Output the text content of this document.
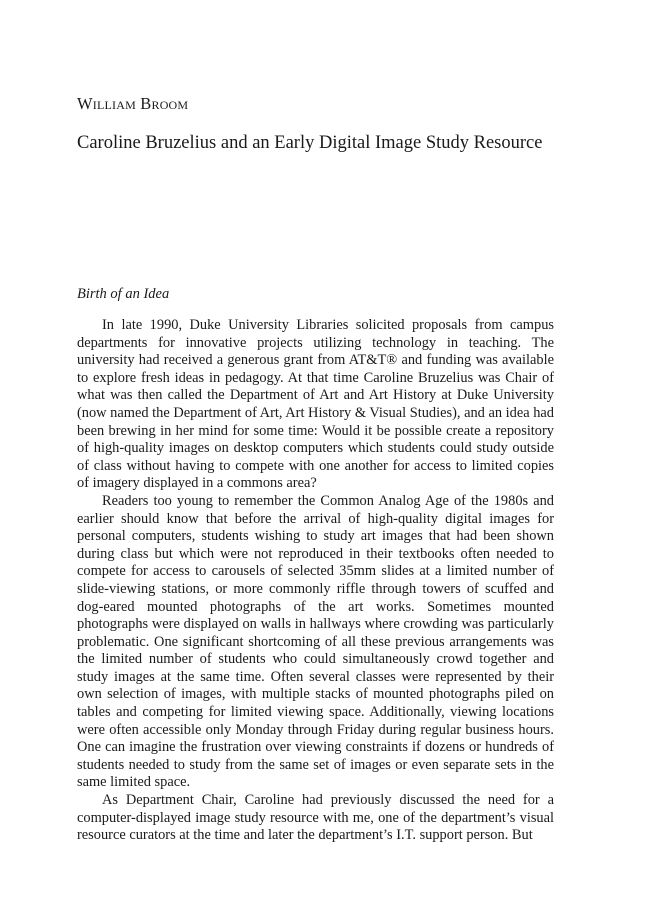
William Broom
Caroline Bruzelius and an Early Digital Image Study Resource
Birth of an Idea

In late 1990, Duke University Libraries solicited proposals from campus departments for innovative projects utilizing technology in teaching. The university had received a generous grant from AT&T® and funding was available to explore fresh ideas in pedagogy. At that time Caroline Bruzelius was Chair of what was then called the Department of Art and Art History at Duke University (now named the Department of Art, Art History & Visual Studies), and an idea had been brewing in her mind for some time: Would it be possible create a repository of high-quality images on desktop computers which students could study outside of class without having to compete with one another for access to limited copies of imagery displayed in a commons area?

Readers too young to remember the Common Analog Age of the 1980s and earlier should know that before the arrival of high-quality digital images for personal computers, students wishing to study art images that had been shown during class but which were not reproduced in their textbooks often needed to compete for access to carousels of selected 35mm slides at a limited number of slide-viewing stations, or more commonly riffle through towers of scuffed and dog-eared mounted photographs of the art works. Sometimes mounted photographs were displayed on walls in hallways where crowding was particularly problematic. One significant shortcoming of all these previous arrangements was the limited number of students who could simultaneously crowd together and study images at the same time. Often several classes were represented by their own selection of images, with multiple stacks of mounted photographs piled on tables and competing for limited viewing space. Additionally, viewing locations were often accessible only Monday through Friday during regular business hours. One can imagine the frustration over viewing constraints if dozens or hundreds of students needed to study from the same set of images or even separate sets in the same limited space.

As Department Chair, Caroline had previously discussed the need for a computer-displayed image study resource with me, one of the department’s visual resource curators at the time and later the department’s I.T. support person. But
